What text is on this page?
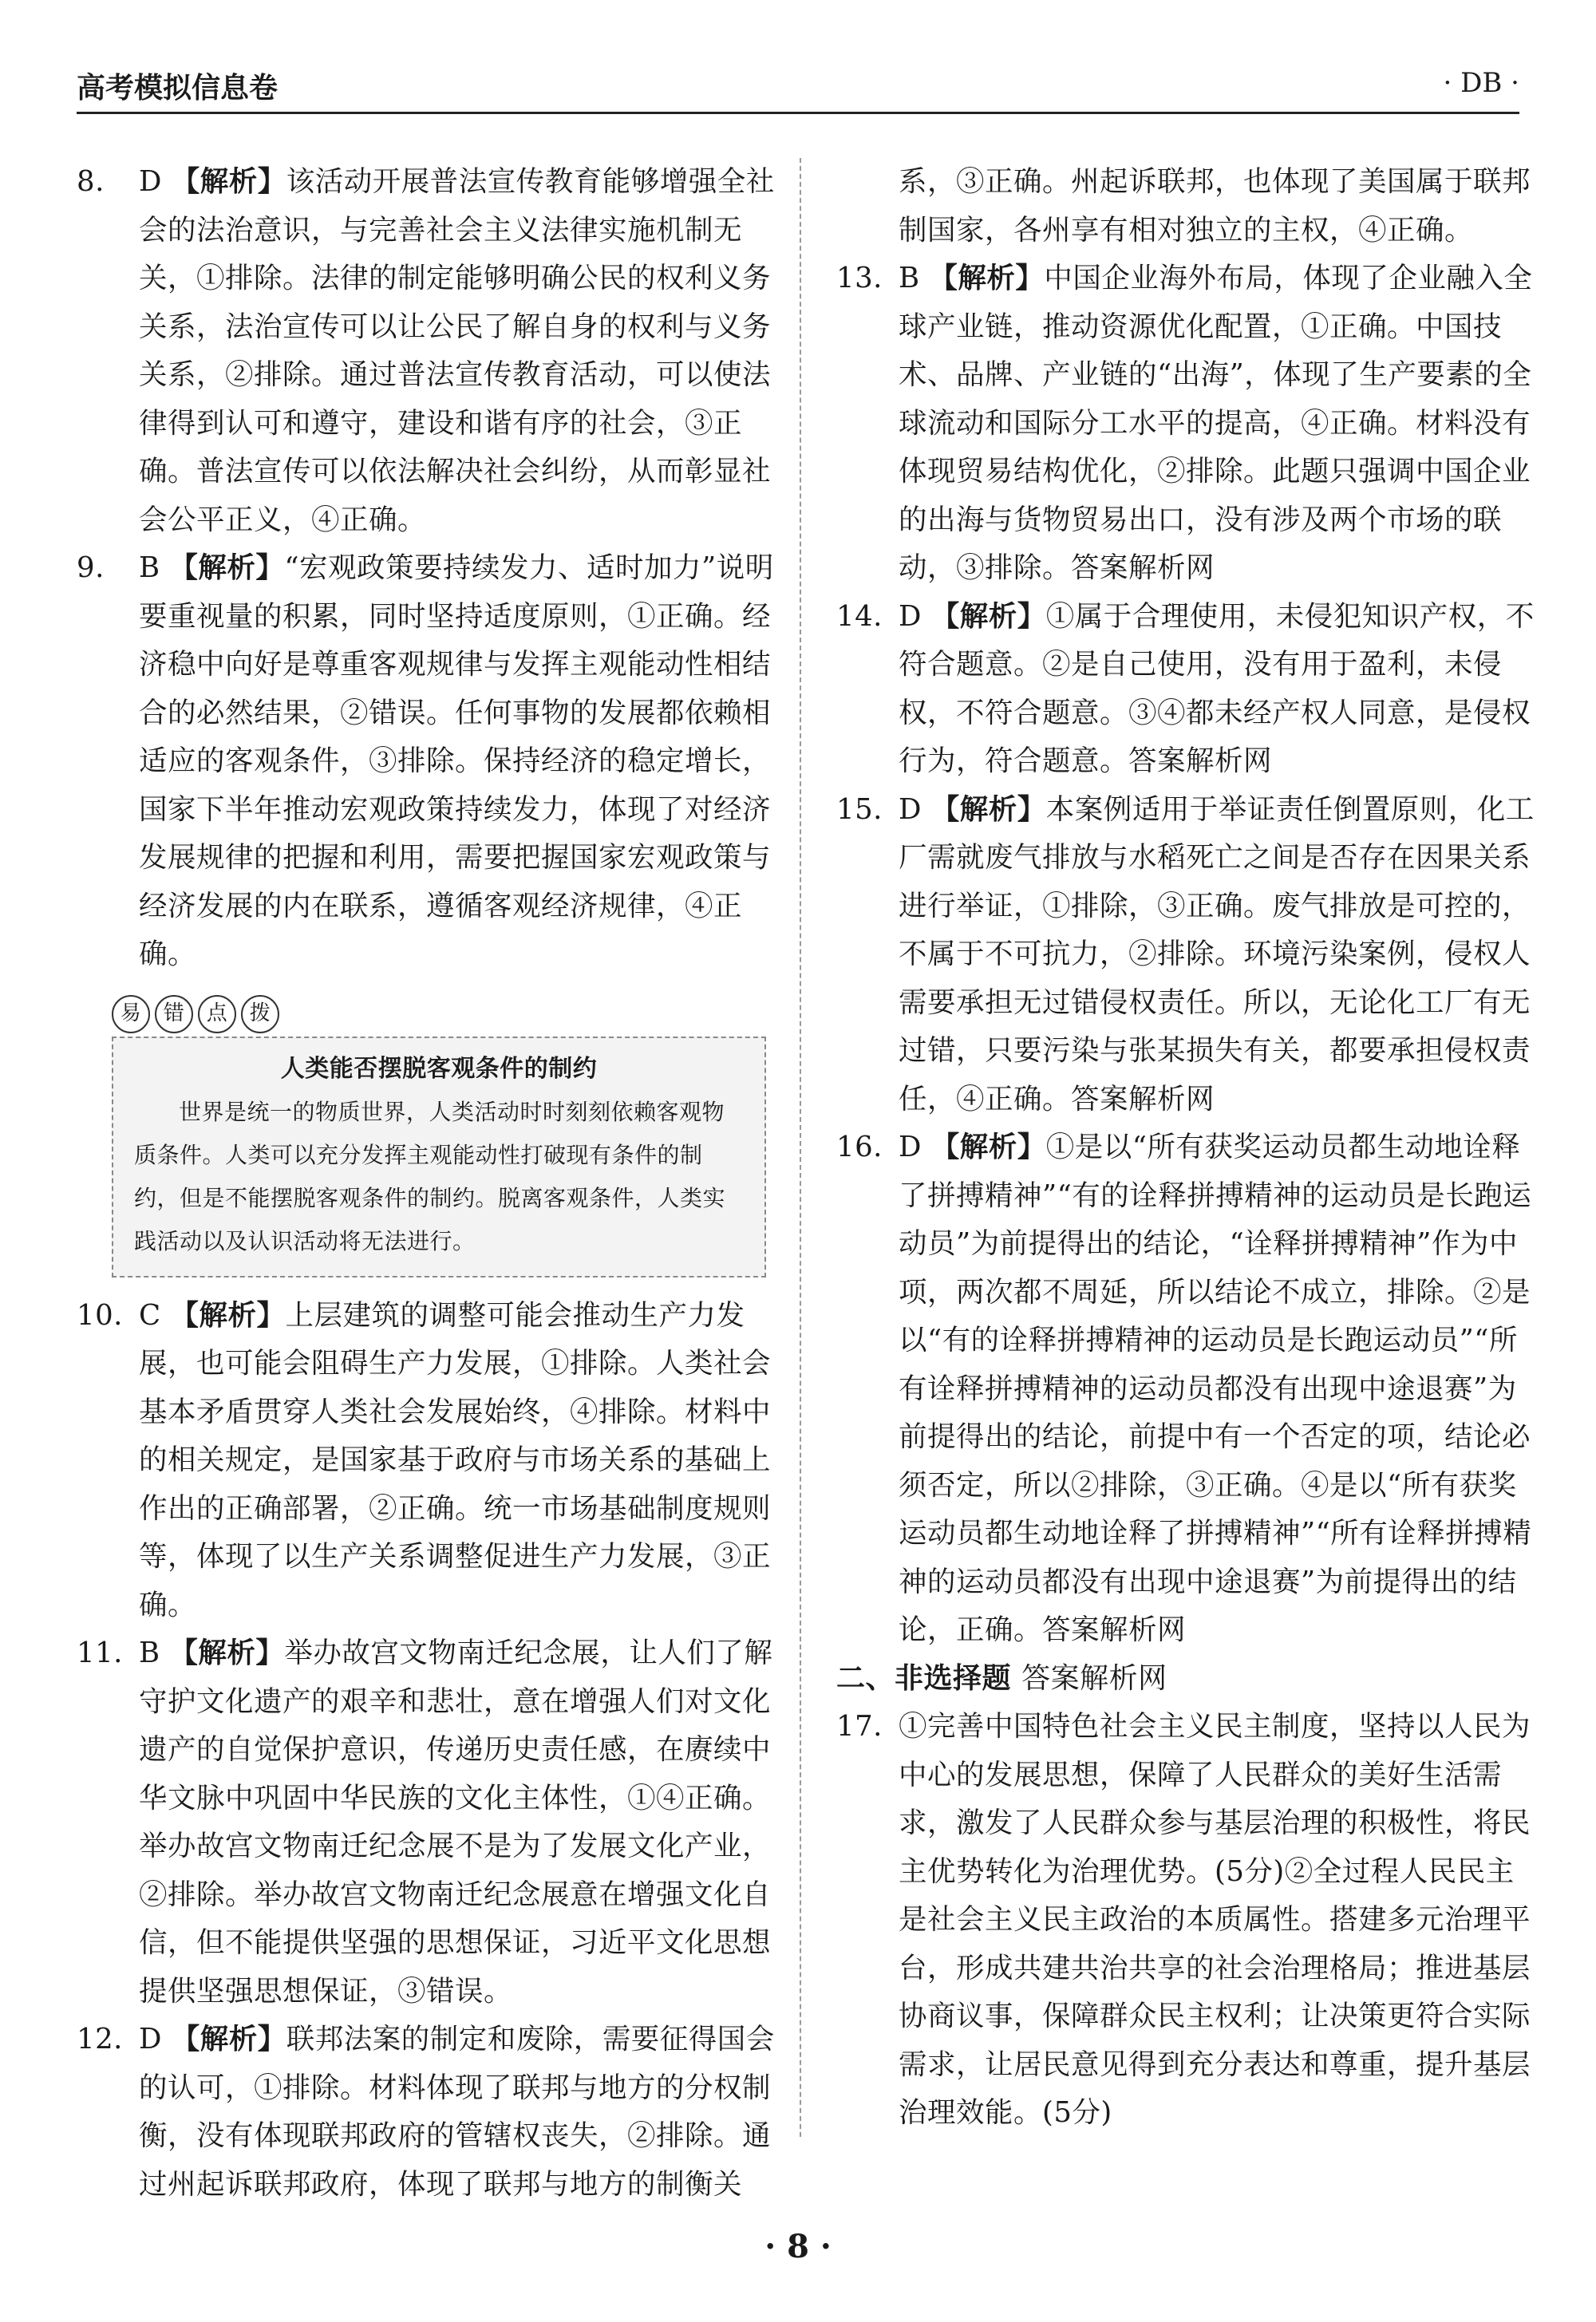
高考模拟信息卷	· DB ·
8. D 【解析】该活动开展普法宣传教育能够增强全社会的法治意识，与完善社会主义法律实施机制无关，①排除。法律的制定能够明确公民的权利义务关系，法治宣传可以让公民了解自身的权利与义务关系，②排除。通过普法宣传教育活动，可以使法律得到认可和遵守，建设和谐有序的社会，③正确。普法宣传可以依法解决社会纠纷，从而彰显社会公平正义，④正确。
9. B 【解析】“宏观政策要持续发力、适时加力”说明要重视量的积累，同时坚持适度原则，①正确。经济稳中向好是尊重客观规律与发挥主观能动性相结合的必然结果，②错误。任何事物的发展都依赖相适应的客观条件，③排除。保持经济的稳定增长，国家下半年推动宏观政策持续发力，体现了对经济发展规律的把握和利用，需要把握国家宏观政策与经济发展的内在联系，遵循客观经济规律，④正确。
易	错	点	拨
人类能否摆脱客观条件的制约
世界是统一的物质世界，人类活动时时刻刻依赖客观物质条件。人类可以充分发挥主观能动性打破现有条件的制约，但是不能摆脱客观条件的制约。脱离客观条件，人类实践活动以及认识活动将无法进行。
10. C 【解析】上层建筑的调整可能会推动生产力发展，也可能会阻碍生产力发展，①排除。人类社会基本矛盾贯穿人类社会发展始终，④排除。材料中的相关规定，是国家基于政府与市场关系的基础上作出的正确部署，②正确。统一市场基础制度规则等，体现了以生产关系调整促进生产力发展，③正确。
11. B 【解析】举办故宫文物南迁纪念展，让人们了解守护文化遗产的艰辛和悲壮，意在增强人们对文化遗产的自觉保护意识，传递历史责任感，在赓续中华文脉中巩固中华民族的文化主体性，①④正确。举办故宫文物南迁纪念展不是为了发展文化产业，②排除。举办故宫文物南迁纪念展意在增强文化自信，但不能提供坚强的思想保证，习近平文化思想提供坚强思想保证，③错误。
12. D 【解析】联邦法案的制定和废除，需要征得国会的认可，①排除。材料体现了联邦与地方的分权制衡，没有体现联邦政府的管辖权丧失，②排除。通过州起诉联邦政府，体现了联邦与地方的制衡关
系，③正确。州起诉联邦，也体现了美国属于联邦制国家，各州享有相对独立的主权，④正确。
13. B 【解析】中国企业海外布局，体现了企业融入全球产业链，推动资源优化配置，①正确。中国技术、品牌、产业链的“出海”，体现了生产要素的全球流动和国际分工水平的提高，④正确。材料没有体现贸易结构优化，②排除。此题只强调中国企业的出海与货物贸易出口，没有涉及两个市场的联动，③排除。答案解析网
14. D 【解析】①属于合理使用，未侵犯知识产权，不符合题意。②是自己使用，没有用于盈利，未侵权，不符合题意。③④都未经产权人同意，是侵权行为，符合题意。答案解析网
15. D 【解析】本案例适用于举证责任倒置原则，化工厂需就废气排放与水稻死亡之间是否存在因果关系进行举证，①排除，③正确。废气排放是可控的，不属于不可抗力，②排除。环境污染案例，侵权人需要承担无过错侵权责任。所以，无论化工厂有无过错，只要污染与张某损失有关，都要承担侵权责任，④正确。答案解析网
16. D 【解析】①是以“所有获奖运动员都生动地诠释了拼搏精神”“有的诠释拼搏精神的运动员是长跑运动员”为前提得出的结论，“诠释拼搏精神”作为中项，两次都不周延，所以结论不成立，排除。②是以“有的诠释拼搏精神的运动员是长跑运动员”“所有诠释拼搏精神的运动员都没有出现中途退赛”为前提得出的结论，前提中有一个否定的项，结论必须否定，所以②排除，③正确。④是以“所有获奖运动员都生动地诠释了拼搏精神”“所有诠释拼搏精神的运动员都没有出现中途退赛”为前提得出的结论，正确。答案解析网
二、非选择题 答案解析网
17. ①完善中国特色社会主义民主制度，坚持以人民为中心的发展思想，保障了人民群众的美好生活需求，激发了人民群众参与基层治理的积极性，将民主优势转化为治理优势。(5分)②全过程人民民主是社会主义民主政治的本质属性。搭建多元治理平台，形成共建共治共享的社会治理格局；推进基层协商议事，保障群众民主权利；让决策更符合实际需求，让居民意见得到充分表达和尊重，提升基层治理效能。(5分)
· 8 ·
